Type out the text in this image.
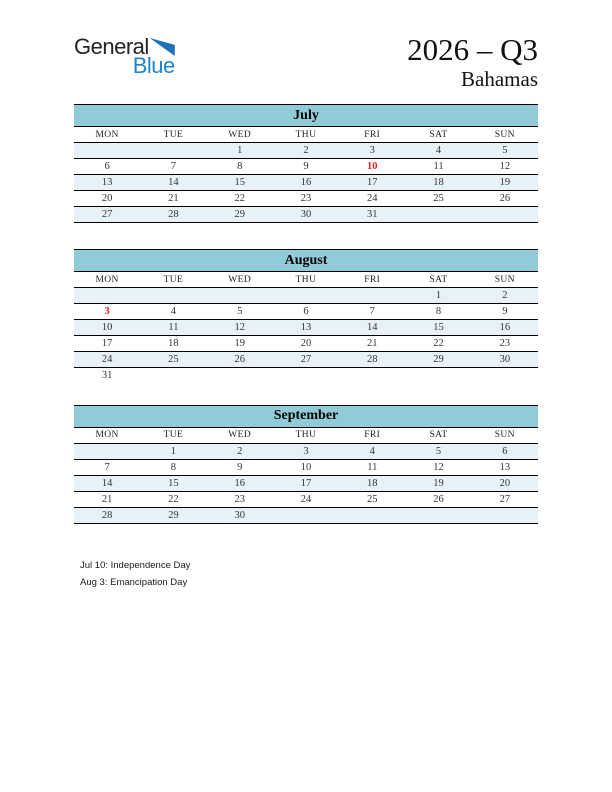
General
Blue	2026 – Q3
Bahamas
July						
MON	TUE	WED	THU	FRI	SAT	SUN
		1	2	3	4	5
6	7	8	9	10	11	12
13	14	15	16	17	18	19
20	21	22	23	24	25	26
27	28	29	30	31		
August						
MON	TUE	WED	THU	FRI	SAT	SUN
					1	2
3	4	5	6	7	8	9
10	11	12	13	14	15	16
17	18	19	20	21	22	23
24	25	26	27	28	29	30
31						
September						
MON	TUE	WED	THU	FRI	SAT	SUN
	1	2	3	4	5	6
7	8	9	10	11	12	13
14	15	16	17	18	19	20
21	22	23	24	25	26	27
28	29	30				
Jul 10: Independence Day
Aug 3: Emancipation Day
